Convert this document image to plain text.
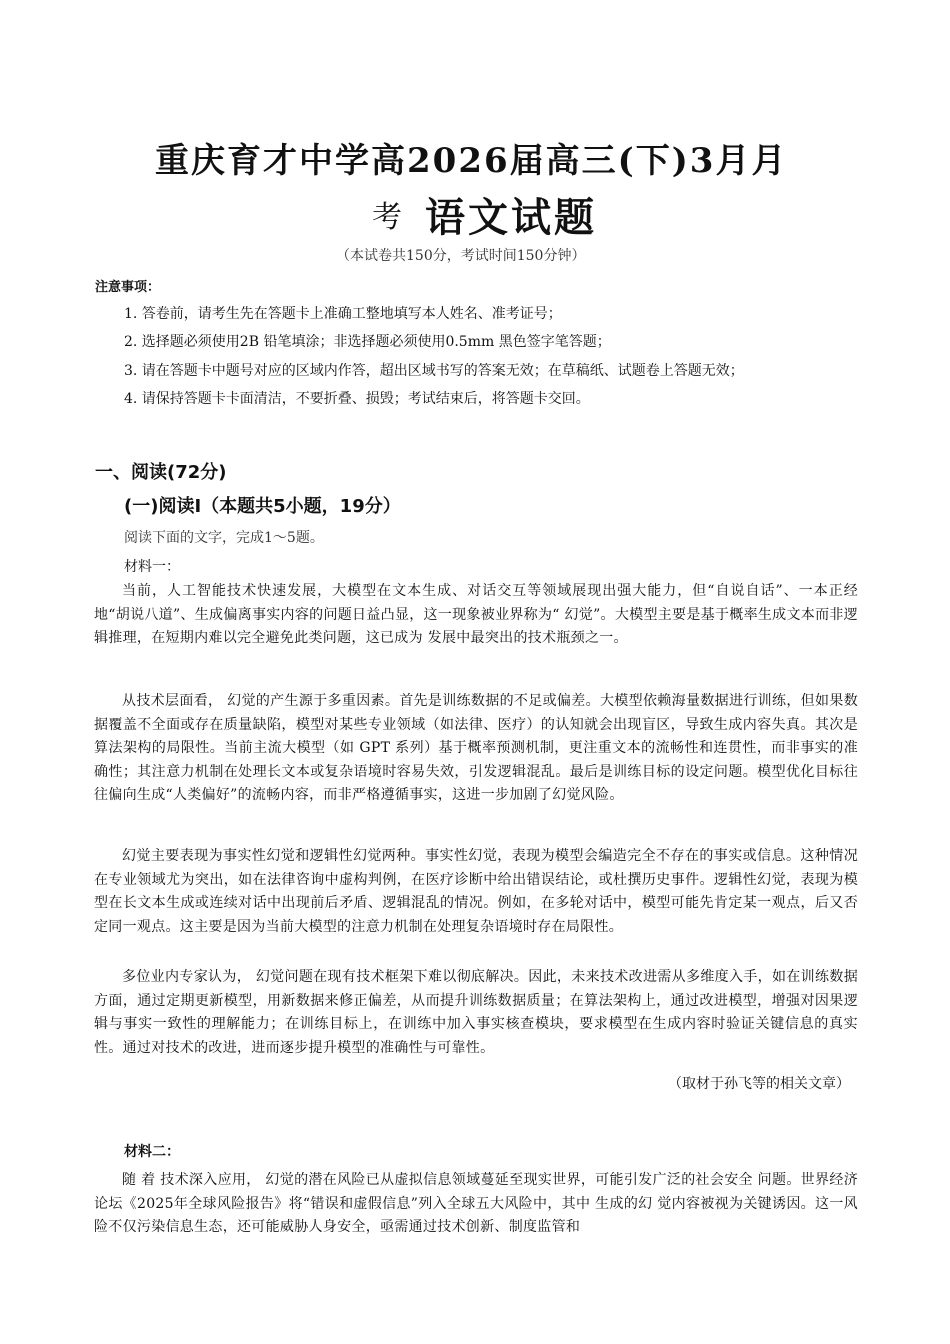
重庆育才中学高2026届高三(下)3月月
考 语文试题
（本试卷共150分，考试时间150分钟）
注意事项：
1. 答卷前，请考生先在答题卡上准确工整地填写本人姓名、准考证号；
2. 选择题必须使用2B 铅笔填涂；非选择题必须使用0.5mm 黑色签字笔答题；
3. 请在答题卡中题号对应的区域内作答，超出区域书写的答案无效；在草稿纸、试题卷上答题无效；
4. 请保持答题卡卡面清洁，不要折叠、损毁；考试结束后，将答题卡交回。
一、阅读(72分)
(一)阅读Ⅰ（本题共5小题，19分）
阅读下面的文字，完成1～5题。
材料一：
当前，人工智能技术快速发展，大模型在文本生成、对话交互等领域展现出强大能力，但“自说自话”、一本正经地“胡说八道”、生成偏离事实内容的问题日益凸显，这一现象被业界称为“ 幻觉”。大模型主要是基于概率生成文本而非逻辑推理，在短期内难以完全避免此类问题，这已成为 发展中最突出的技术瓶颈之一。
从技术层面看， 幻觉的产生源于多重因素。首先是训练数据的不足或偏差。大模型依赖海量数据进行训练，但如果数据覆盖不全面或存在质量缺陷，模型对某些专业领域（如法律、医疗）的认知就会出现盲区，导致生成内容失真。其次是算法架构的局限性。当前主流大模型（如 GPT 系列）基于概率预测机制，更注重文本的流畅性和连贯性，而非事实的准确性；其注意力机制在处理长文本或复杂语境时容易失效，引发逻辑混乱。最后是训练目标的设定问题。模型优化目标往往偏向生成“人类偏好”的流畅内容，而非严格遵循事实，这进一步加剧了幻觉风险。
幻觉主要表现为事实性幻觉和逻辑性幻觉两种。事实性幻觉，表现为模型会编造完全不存在的事实或信息。这种情况在专业领域尤为突出，如在法律咨询中虚构判例，在医疗诊断中给出错误结论，或杜撰历史事件。逻辑性幻觉，表现为模型在长文本生成或连续对话中出现前后矛盾、逻辑混乱的情况。例如，在多轮对话中，模型可能先肯定某一观点，后又否定同一观点。这主要是因为当前大模型的注意力机制在处理复杂语境时存在局限性。
多位业内专家认为， 幻觉问题在现有技术框架下难以彻底解决。因此，未来技术改进需从多维度入手，如在训练数据方面，通过定期更新模型，用新数据来修正偏差，从而提升训练数据质量；在算法架构上，通过改进模型，增强对因果逻辑与事实一致性的理解能力；在训练目标上，在训练中加入事实核查模块，要求模型在生成内容时验证关键信息的真实性。通过对技术的改进，进而逐步提升模型的准确性与可靠性。
（取材于孙飞等的相关文章）
材料二：
随 着 技术深入应用， 幻觉的潜在风险已从虚拟信息领域蔓延至现实世界，可能引发广泛的社会安全 问题。世界经济论坛《2025年全球风险报告》将“错误和虚假信息”列入全球五大风险中，其中 生成的幻 觉内容被视为关键诱因。这一风险不仅污染信息生态，还可能威胁人身安全，亟需通过技术创新、制度监管和
